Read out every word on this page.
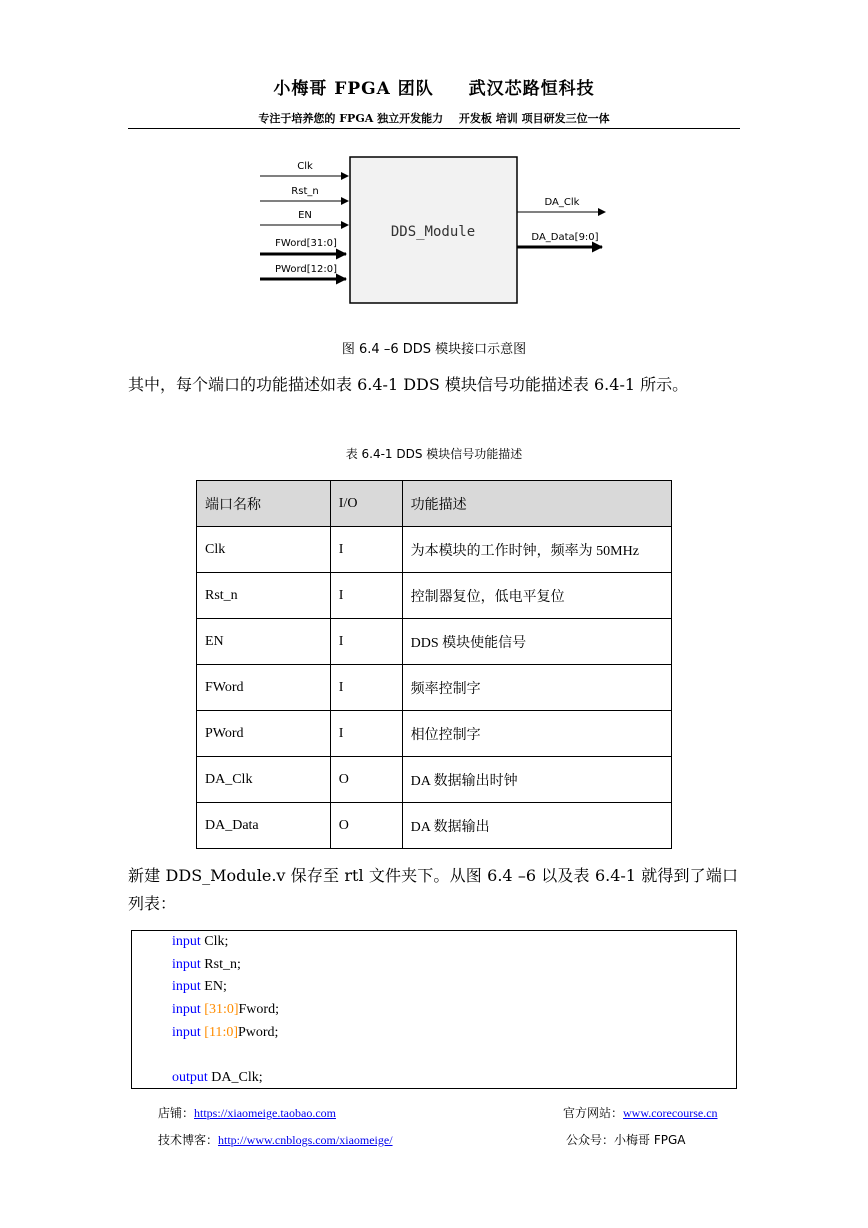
小梅哥 FPGA 团队 武汉芯路恒科技
专注于培养您的 FPGA 独立开发能力 开发板 培训 项目研发三位一体
DDS_Module
Clk
Rst_n
EN
FWord[31:0]
PWord[12:0]
DA_Clk
DA_Data[9:0]
图 6.4 –6 DDS 模块接口示意图
其中，每个端口的功能描述如表 6.4-1 DDS 模块信号功能描述表 6.4-1 所示。
表 6.4-1 DDS 模块信号功能描述
端口名称	I/O	功能描述
Clk	I	为本模块的工作时钟，频率为 50MHz
Rst_n	I	控制器复位，低电平复位
EN	I	DDS 模块使能信号
FWord	I	频率控制字
PWord	I	相位控制字
DA_Clk	O	DA 数据输出时钟
DA_Data	O	DA 数据输出
新建 DDS_Module.v 保存至 rtl 文件夹下。从图 6.4 –6 以及表 6.4-1 就得到了端口列表：
input Clk;
input Rst_n;
input EN;
input [31:0]Fword;
input [11:0]Pword;
output DA_Clk;
店铺：https://xiaomeige.taobao.com	官方网站：www.corecourse.cn
技术博客：http://www.cnblogs.com/xiaomeige/	公众号：小梅哥 FPGA
